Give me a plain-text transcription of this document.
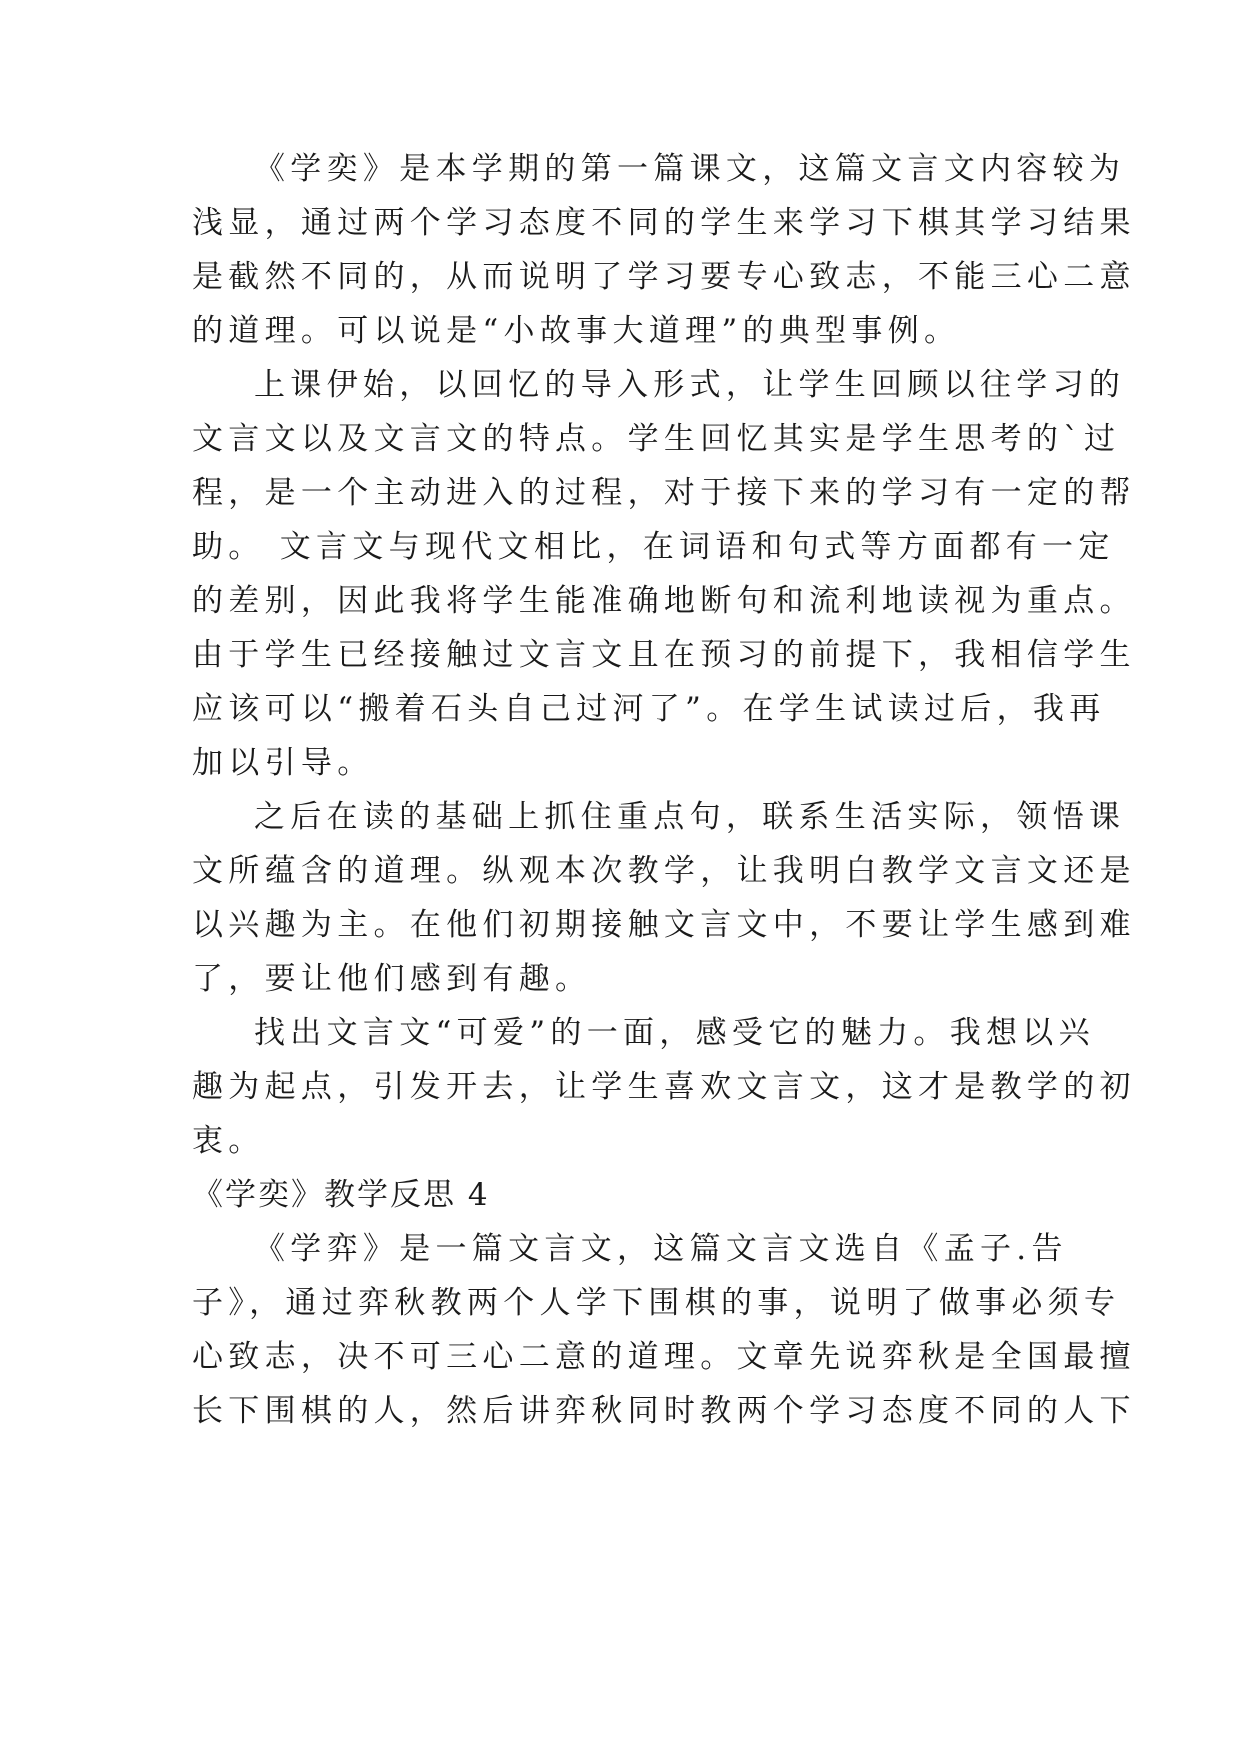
《学奕》是本学期的第一篇课文，这篇文言文内容较为
浅显，通过两个学习态度不同的学生来学习下棋其学习结果
是截然不同的，从而说明了学习要专心致志，不能三心二意
的道理。可以说是“小故事大道理”的典型事例。
上课伊始，以回忆的导入形式，让学生回顾以往学习的
文言文以及文言文的特点。学生回忆其实是学生思考的`过
程，是一个主动进入的过程，对于接下来的学习有一定的帮
助。 文言文与现代文相比，在词语和句式等方面都有一定
的差别，因此我将学生能准确地断句和流利地读视为重点。
由于学生已经接触过文言文且在预习的前提下，我相信学生
应该可以“搬着石头自己过河了”。在学生试读过后，我再
加以引导。
之后在读的基础上抓住重点句，联系生活实际，领悟课
文所蕴含的道理。纵观本次教学，让我明白教学文言文还是
以兴趣为主。在他们初期接触文言文中，不要让学生感到难
了，要让他们感到有趣。
找出文言文“可爱”的一面，感受它的魅力。我想以兴
趣为起点，引发开去，让学生喜欢文言文，这才是教学的初
衷。
《学奕》教学反思 4
《学弈》是一篇文言文，这篇文言文选自《孟子.告
子》，通过弈秋教两个人学下围棋的事，说明了做事必须专
心致志，决不可三心二意的道理。文章先说弈秋是全国最擅
长下围棋的人，然后讲弈秋同时教两个学习态度不同的人下
